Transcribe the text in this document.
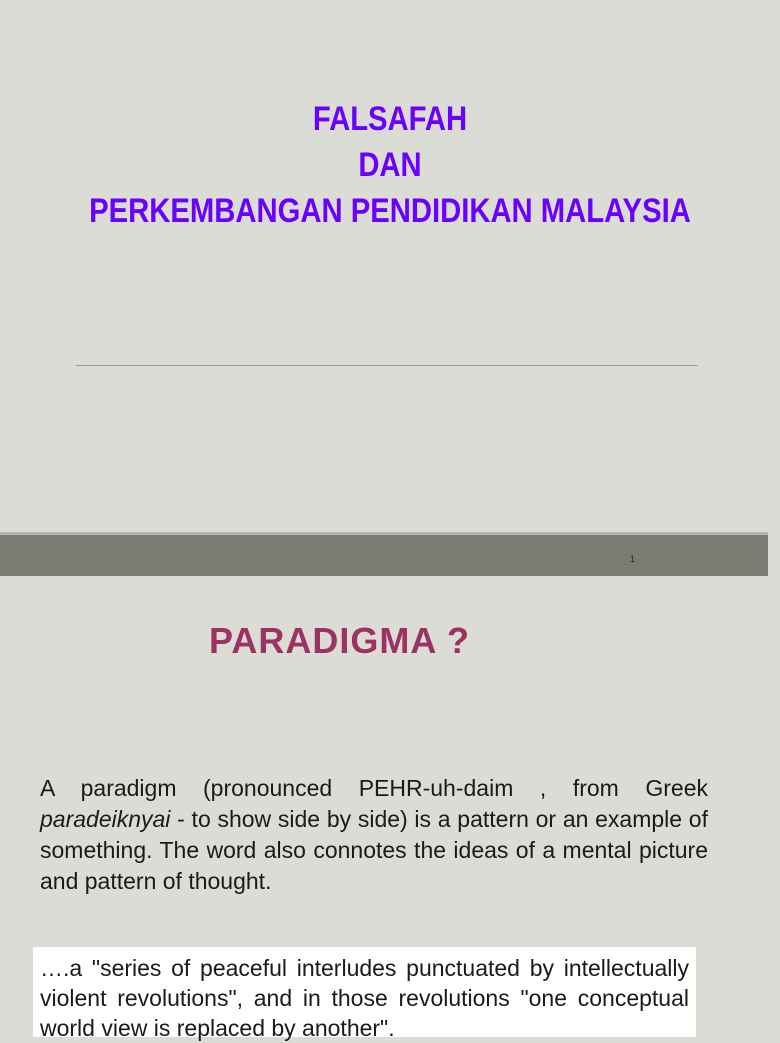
FALSAFAH
DAN
PERKEMBANGAN PENDIDIKAN MALAYSIA
1
PARADIGMA ?

A paradigm (pronounced PEHR-uh-daim , from Greek paradeiknyai - to show side by side) is a pattern or an example of something. The word also connotes the ideas of a mental picture and pattern of thought.

….a "series of peaceful interludes punctuated by intellectually violent revolutions", and in those revolutions "one conceptual world view is replaced by another".
